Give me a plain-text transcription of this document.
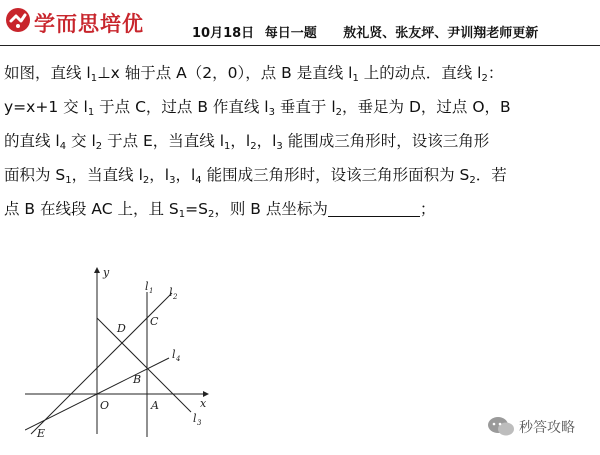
学而思培优	10月18日 每日一题 敖礼贤、张友坪、尹训翔老师更新
如图，直线 $l_1\perp x$ 轴于点 A（2，0），点 B 是直线 $l_1$ 上的动点．直线 $l_2$：
y=x+1 交 $l_1$ 于点 C，过点 B 作直线 $l_3$ 垂直于 $l_2$，垂足为 D，过点 O，B
的直线 $l_4$ 交 $l_2$ 于点 E，当直线 $l_1$，$l_2$，$l_3$ 能围成三角形时，设该三角形
面积为 $S_1$，当直线 $l_2$，$l_3$，$l_4$ 能围成三角形时，设该三角形面积为 $S_2$．若
点 B 在线段 AC 上，且 $S_1=S_2$，则 B 点坐标为	；
x
y
O
l 1 l 2
l 3
l 4
C
D
B
A
E	秒答攻略
